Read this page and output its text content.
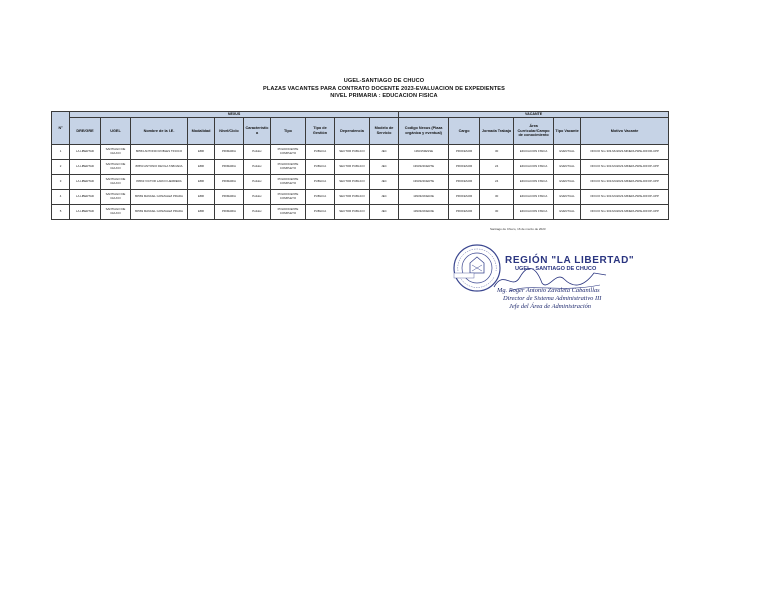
UGEL-SANTIAGO DE CHUCO
PLAZAS VACANTES PARA CONTRATO DOCENTE 2023-EVALUACION DE EXPEDIENTES
NIVEL PRIMARIA : EDUCACION FISICA
N°	NEXUS										VACANTE					
	DRE/GRE	UGEL	Nombre de la I.E.	Modalidad	Nivel/Ciclo	Característic a	Tipo	Tipo de Gestión	Dependencia	Modelo de Servicio	Codigo Nexus (Plaza orgánica y eventual)	Cargo	Jornada Trabajo	Área Curricular/Campo de conocimiento	Tipo Vacante	Motivo Vacante
1	LA LIBERTAD	SANTIAGO DE CHUCO	80553 ANTONIO ROBLES TINOCO	EBR	PRIMARIA	Polidoc	POLIDOCENTE COMPLETO	PUBLICA	SECTOR PUBLICO	JEC	1393153ESSE	PROFESOR	30	EDUCACION FISICA	EVENTUAL	OFICIO Nro 333-MU2023-MINEDU/SPE-DIFOR-UPP
2	LA LIBERTAD	SANTIAGO DE CHUCO	80553 ANTONIO DEVILA TABOADA	EBR	PRIMARIA	Polidoc	POLIDOCENTE COMPLETO	PUBLICA	SECTOR PUBLICO	JEC	1393323CERTE	PROFESOR	24	EDUCACION FISICA	EVENTUAL	OFICIO Nro 303-MU2023-MINEDU/SPE-DIFOP-UPP
3	LA LIBERTAD	SANTIAGO DE CHUCO	80563 VICTOR LARCO HERRERA	EBR	PRIMARIA	Polidoc	POLIDOCENTE COMPLETO	PUBLICA	SECTOR PUBLICO	JEC	1393323CERTE	PROFESOR	24	EDUCACION FISICA	EVENTUAL	OFICIO Nro 303-MU2023-MINEDU/SPE-DIFOP-UPP
4	LA LIBERTAD	SANTIAGO DE CHUCO	80569 MANUEL GONZALEZ PRADA	EBR	PRIMARIA	Polidoc	POLIDOCENTE COMPLETO	PUBLICA	SECTOR PUBLICO	JEC	1393323CERJE	PROFESOR	30	EDUCACION FISICA	EVENTUAL	OFICIO Nro 303-MU2023-MINEDU/SPE-DIFOP-UPP
5	LA LIBERTAD	SANTIAGO DE CHUCO	80569 MANUEL GONZALEZ PRADA	EBR	PRIMARIA	Polidoc	POLIDOCENTE COMPLETO	PUBLICA	SECTOR PUBLICO	JEC	1393323CERJE	PROFESOR	30	EDUCACION FISICA	EVENTUAL	OFICIO Nro 303-MU2023-MINEDU/SPE-DIFOP-UPP
Santiago de Chuco, 16 de marzo de 2023
REGIÓN "LA LIBERTAD"
UGEL - SANTIAGO DE CHUCO
Mg. Roger Antonio Zavaleta Cabanillas
Director de Sistema Administrativo III
Jefe del Área de Administración
